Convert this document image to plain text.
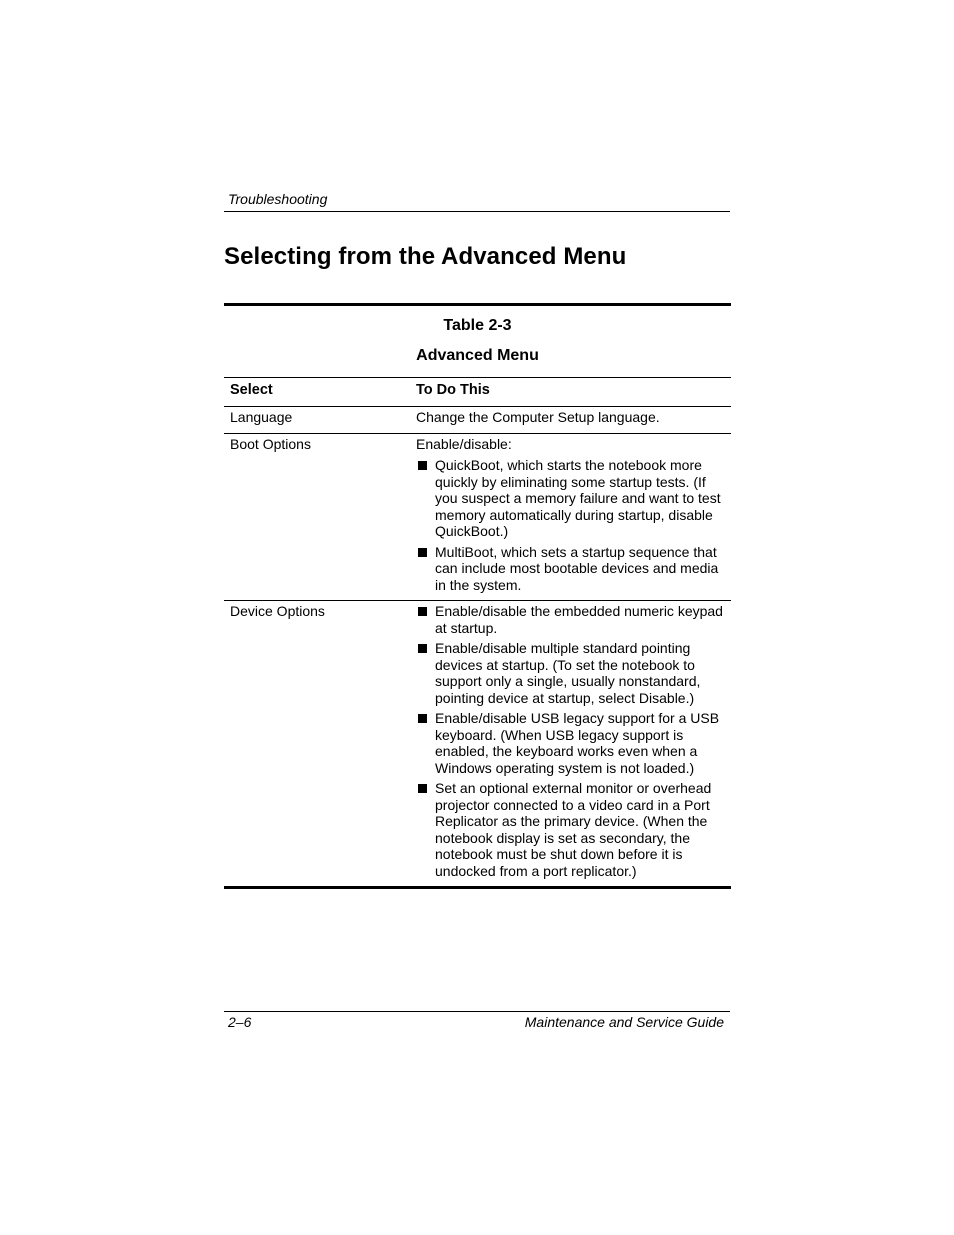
Troubleshooting
Selecting from the Advanced Menu
Table 2-3
Advanced Menu
Select	To Do This
Language	Change the Computer Setup language.

Boot Options	Enable/disable:

QuickBoot, which starts the notebook more quickly by eliminating some startup tests. (If you suspect a memory failure and want to test memory automatically during startup, disable QuickBoot.)
MultiBoot, which sets a startup sequence that can include most bootable devices and media in the system.

Device Options	Enable/disable the embedded numeric keypad at startup.
Enable/disable multiple standard pointing devices at startup. (To set the notebook to support only a single, usually nonstandard, pointing device at startup, select Disable.)
Enable/disable USB legacy support for a USB keyboard. (When USB legacy support is enabled, the keyboard works even when a Windows operating system is not loaded.)
Set an optional external monitor or overhead projector connected to a video card in a Port Replicator as the primary device. (When the notebook display is set as secondary, the notebook must be shut down before it is undocked from a port replicator.)
2–6	Maintenance and Service Guide
